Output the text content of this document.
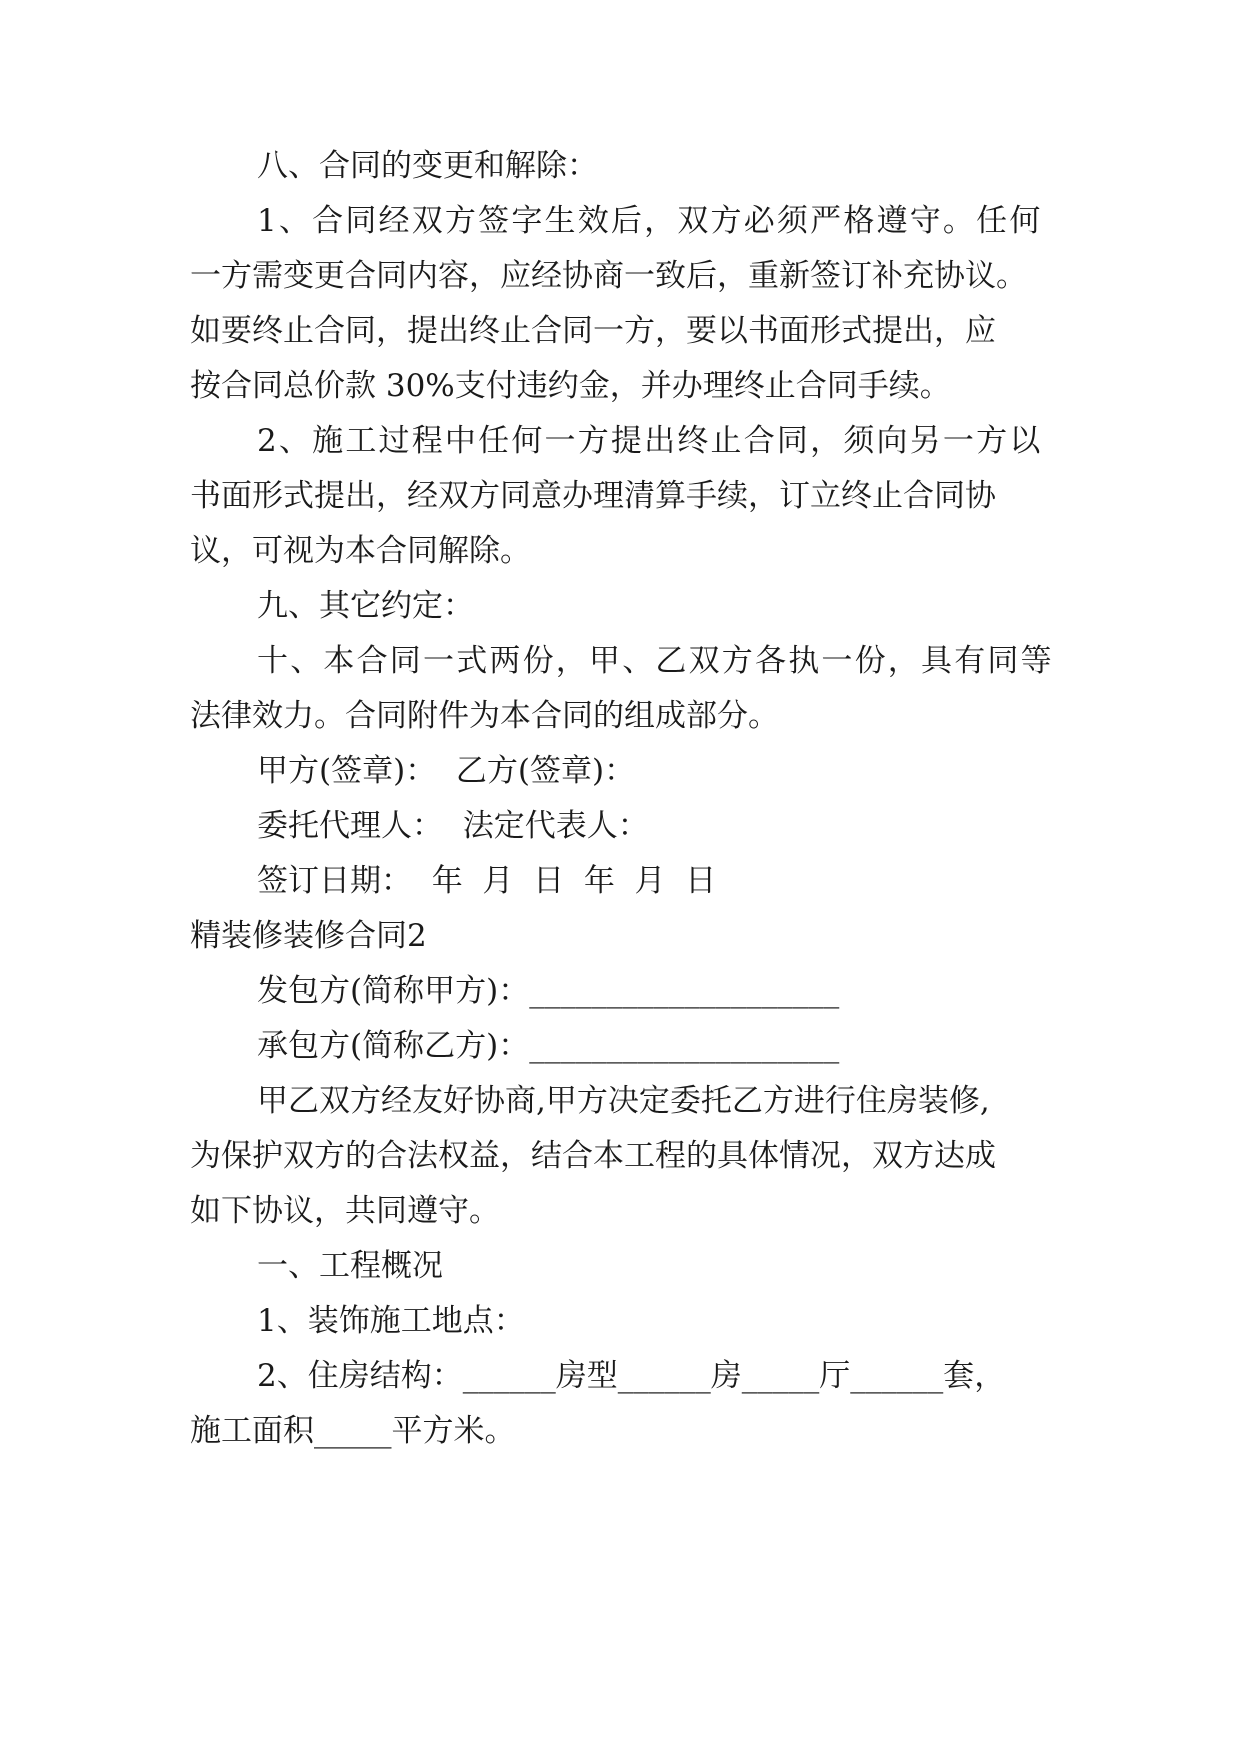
八、合同的变更和解除：
1、合同经双方签字生效后，双方必须严格遵守。任何
一方需变更合同内容，应经协商一致后，重新签订补充协议。
如要终止合同，提出终止合同一方，要以书面形式提出，应
按合同总价款 30%支付违约金，并办理终止合同手续。
2、施工过程中任何一方提出终止合同，须向另一方以
书面形式提出，经双方同意办理清算手续，订立终止合同协
议，可视为本合同解除。
九、其它约定：
十、本合同一式两份，甲、乙双方各执一份，具有同等
法律效力。合同附件为本合同的组成部分。
甲方(签章)：  乙方(签章)：
委托代理人：  法定代表人：
签订日期：  年  月  日  年  月  日
精装修装修合同2
发包方(简称甲方)：____________________
承包方(简称乙方)：____________________
甲乙双方经友好协商,甲方决定委托乙方进行住房装修,
为保护双方的合法权益，结合本工程的具体情况，双方达成
如下协议，共同遵守。
一、工程概况
1、装饰施工地点：
2、住房结构：______房型______房_____厅______套，
施工面积_____平方米。
